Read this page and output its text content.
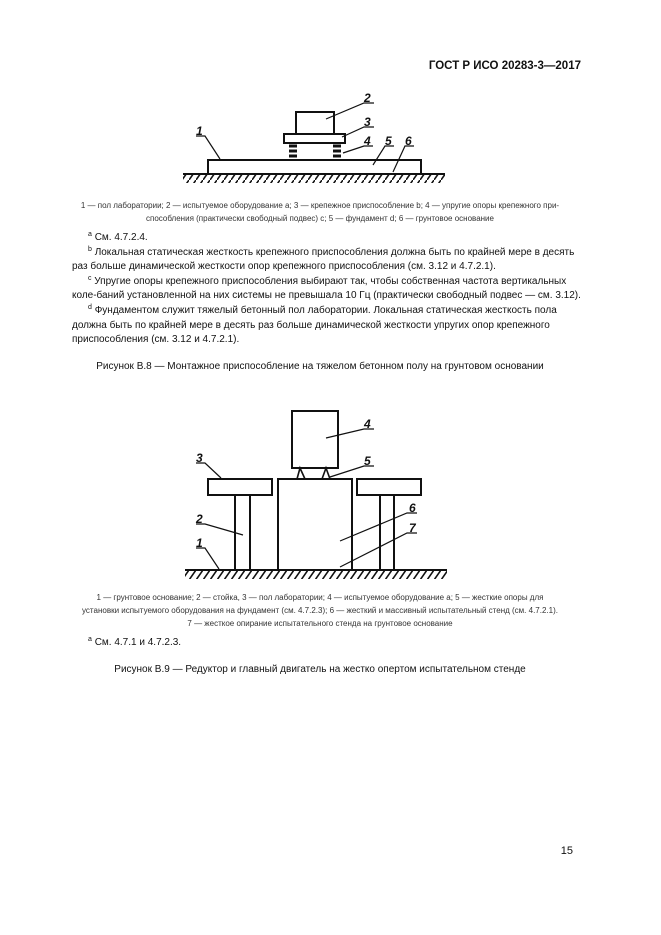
ГОСТ Р ИСО 20283-3—2017
1
2
3
4 5 6
4
5
3
2
1
6
7
1 — пол лаборатории; 2 — испытуемое оборудование a; 3 — крепежное приспособление b; 4 — упругие опоры крепежного при-
способления (практически свободный подвес) c; 5 — фундамент d; 6 — грунтовое основание

$^a$ См. 4.7.2.4.

$^b$ Локальная статическая жесткость крепежного приспособления должна быть по крайней мере в десять раз больше динамической жесткости опор крепежного приспособления (см. 3.12 и 4.7.2.1).

$^c$ Упругие опоры крепежного приспособления выбирают так, чтобы собственная частота вертикальных коле-баний установленной на них системы не превышала 10 Гц (практически свободный подвес — см. 3.12).

$^d$ Фундаментом служит тяжелый бетонный пол лаборатории. Локальная статическая жесткость пола должна быть по крайней мере в десять раз больше динамической жесткости упругих опор крепежного приспособления (см. 3.12 и 4.7.2.1).

Рисунок В.8 — Монтажное приспособление на тяжелом бетонном полу на грунтовом основании
1 — грунтовое основание; 2 — стойка, 3 — пол лаборатории; 4 — испытуемое оборудование a; 5 — жесткие опоры для
установки испытуемого оборудования на фундамент (см. 4.7.2.3); 6 — жесткий и массивный испытательный стенд (см. 4.7.2.1).
7 — жесткое опирание испытательного стенда на грунтовое основание

$^a$ См. 4.7.1 и 4.7.2.3.

Рисунок В.9 — Редуктор и главный двигатель на жестко опертом испытательном стенде
15
